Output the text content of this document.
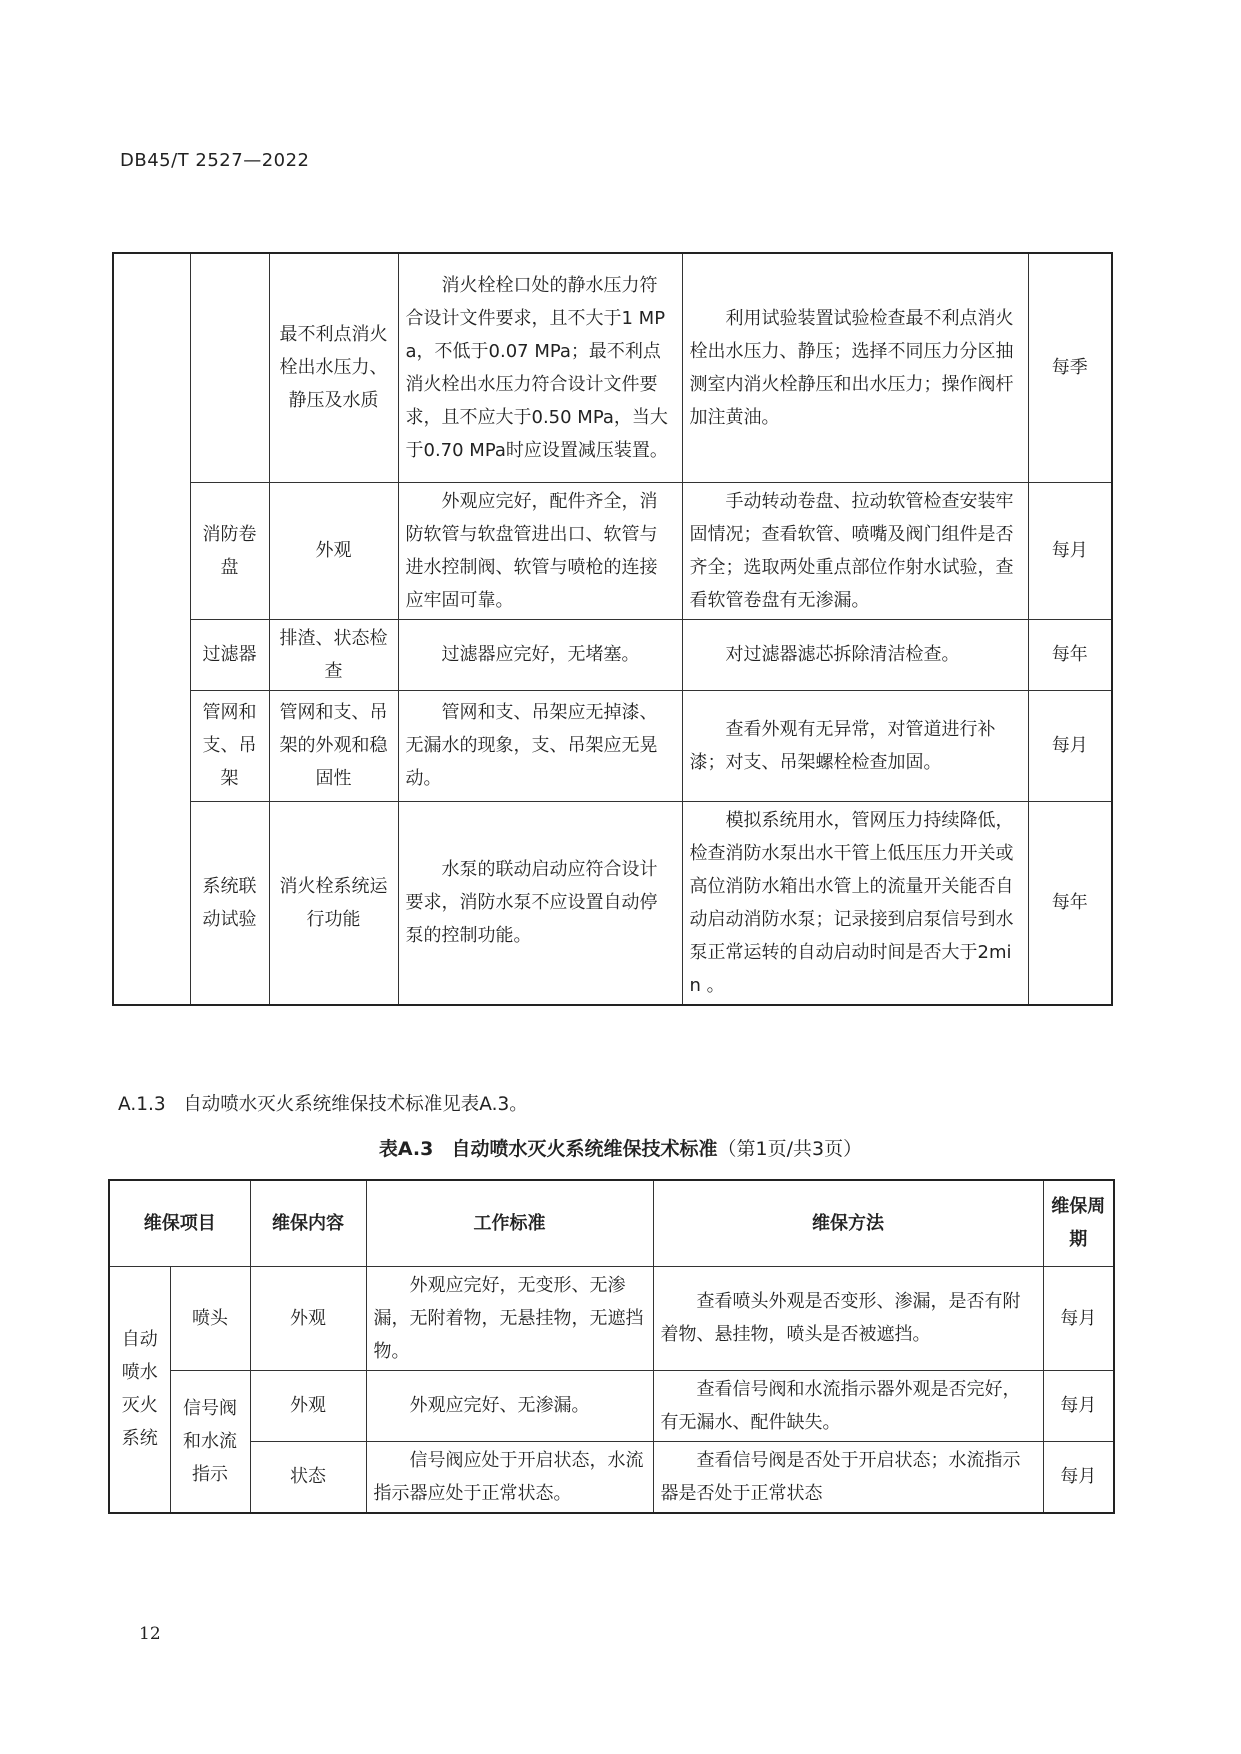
DB45/T 2527—2022
		最不利点消火栓出水压力、静压及水质	消火栓栓口处的静水压力符合设计文件要求，且不大于1 MPa，不低于0.07 MPa；最不利点消火栓出水压力符合设计文件要求，且不应大于0.50 MPa，当大于0.70 MPa时应设置减压装置。	利用试验装置试验检查最不利点消火栓出水压力、静压；选择不同压力分区抽测室内消火栓静压和出水压力；操作阀杆加注黄油。	每季
	消防卷盘	外观	外观应完好，配件齐全，消防软管与软盘管进出口、软管与进水控制阀、软管与喷枪的连接应牢固可靠。	手动转动卷盘、拉动软管检查安装牢固情况；查看软管、喷嘴及阀门组件是否齐全；选取两处重点部位作射水试验，查看软管卷盘有无渗漏。	每月
	过滤器	排渣、状态检查	过滤器应完好，无堵塞。	对过滤器滤芯拆除清洁检查。	每年
	管网和支、吊架	管网和支、吊架的外观和稳固性	管网和支、吊架应无掉漆、无漏水的现象，支、吊架应无晃动。	查看外观有无异常，对管道进行补漆；对支、吊架螺栓检查加固。	每月
	系统联动试验	消火栓系统运行功能	水泵的联动启动应符合设计要求，消防水泵不应设置自动停泵的控制功能。	模拟系统用水，管网压力持续降低，检查消防水泵出水干管上低压压力开关或高位消防水箱出水管上的流量开关能否自动启动消防水泵；记录接到启泵信号到水泵正常运转的自动启动时间是否大于2min 。	每年
A.1.3 自动喷水灭火系统维保技术标准见表A.3。
表A.3 自动喷水灭火系统维保技术标准（第1页/共3页）
维保项目		维保内容	工作标准	维保方法	维保周期
自动喷水灭火系统	喷头	外观	外观应完好，无变形、无渗漏，无附着物，无悬挂物，无遮挡物。	查看喷头外观是否变形、渗漏，是否有附着物、悬挂物，喷头是否被遮挡。	每月
	信号阀和水流指示	外观	外观应完好、无渗漏。	查看信号阀和水流指示器外观是否完好，有无漏水、配件缺失。	每月
		状态	信号阀应处于开启状态，水流指示器应处于正常状态。	查看信号阀是否处于开启状态；水流指示器是否处于正常状态	每月
12
